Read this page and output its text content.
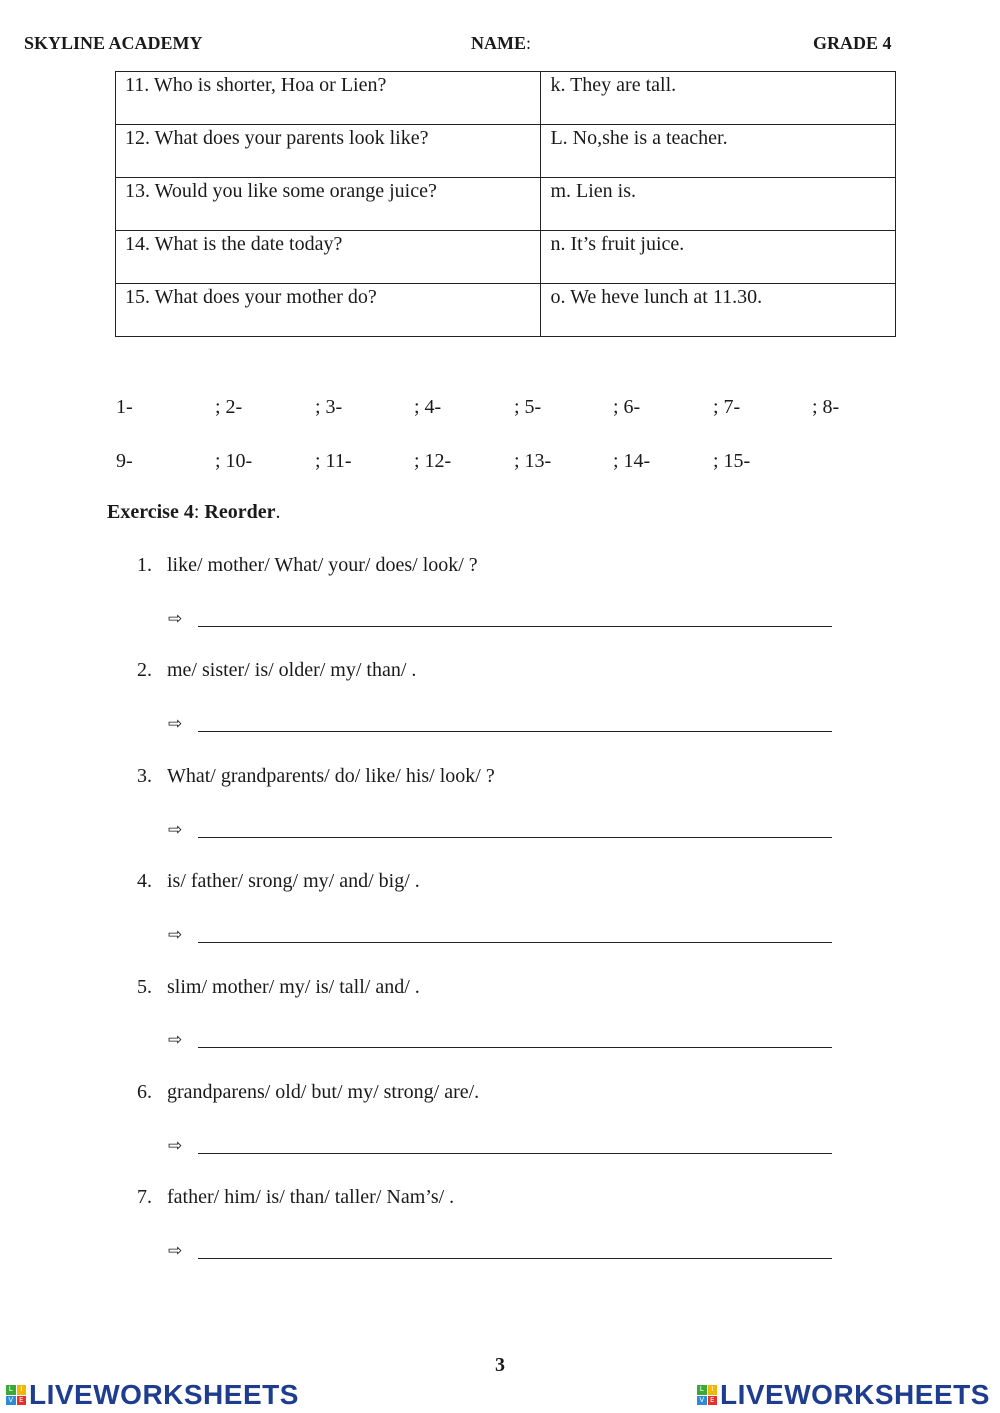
SKYLINE ACADEMY	NAME:	GRADE 4
11. Who is shorter, Hoa or Lien?	k. They are tall.
12. What does your parents look like?	L. No,she is a teacher.
13. Would you like some orange juice?	m. Lien is.
14. What is the date today?	n. It’s fruit juice.
15. What does your mother do?	o. We heve lunch at 11.30.
1-	; 2-	; 3-	; 4-	; 5-	; 6-	; 7-	; 8-
9-	; 10-	; 11-	; 12-	; 13-	; 14-	; 15-
Exercise 4: Reorder.
1. like/ mother/ What/ your/ does/ look/ ?
⇨
2. me/ sister/ is/ older/ my/ than/ .
⇨
3. What/ grandparents/ do/ like/ his/ look/ ?
⇨
4. is/ father/ srong/ my/ and/ big/ .
⇨
5. slim/ mother/ my/ is/ tall/ and/ .
⇨
6. grandparens/ old/ but/ my/ strong/ are/.
⇨
7. father/ him/ is/ than/ taller/ Nam’s/ .
⇨
3
L	I
V E LIVEWORKSHEETS	L	I
V E LIVEWORKSHEETS
